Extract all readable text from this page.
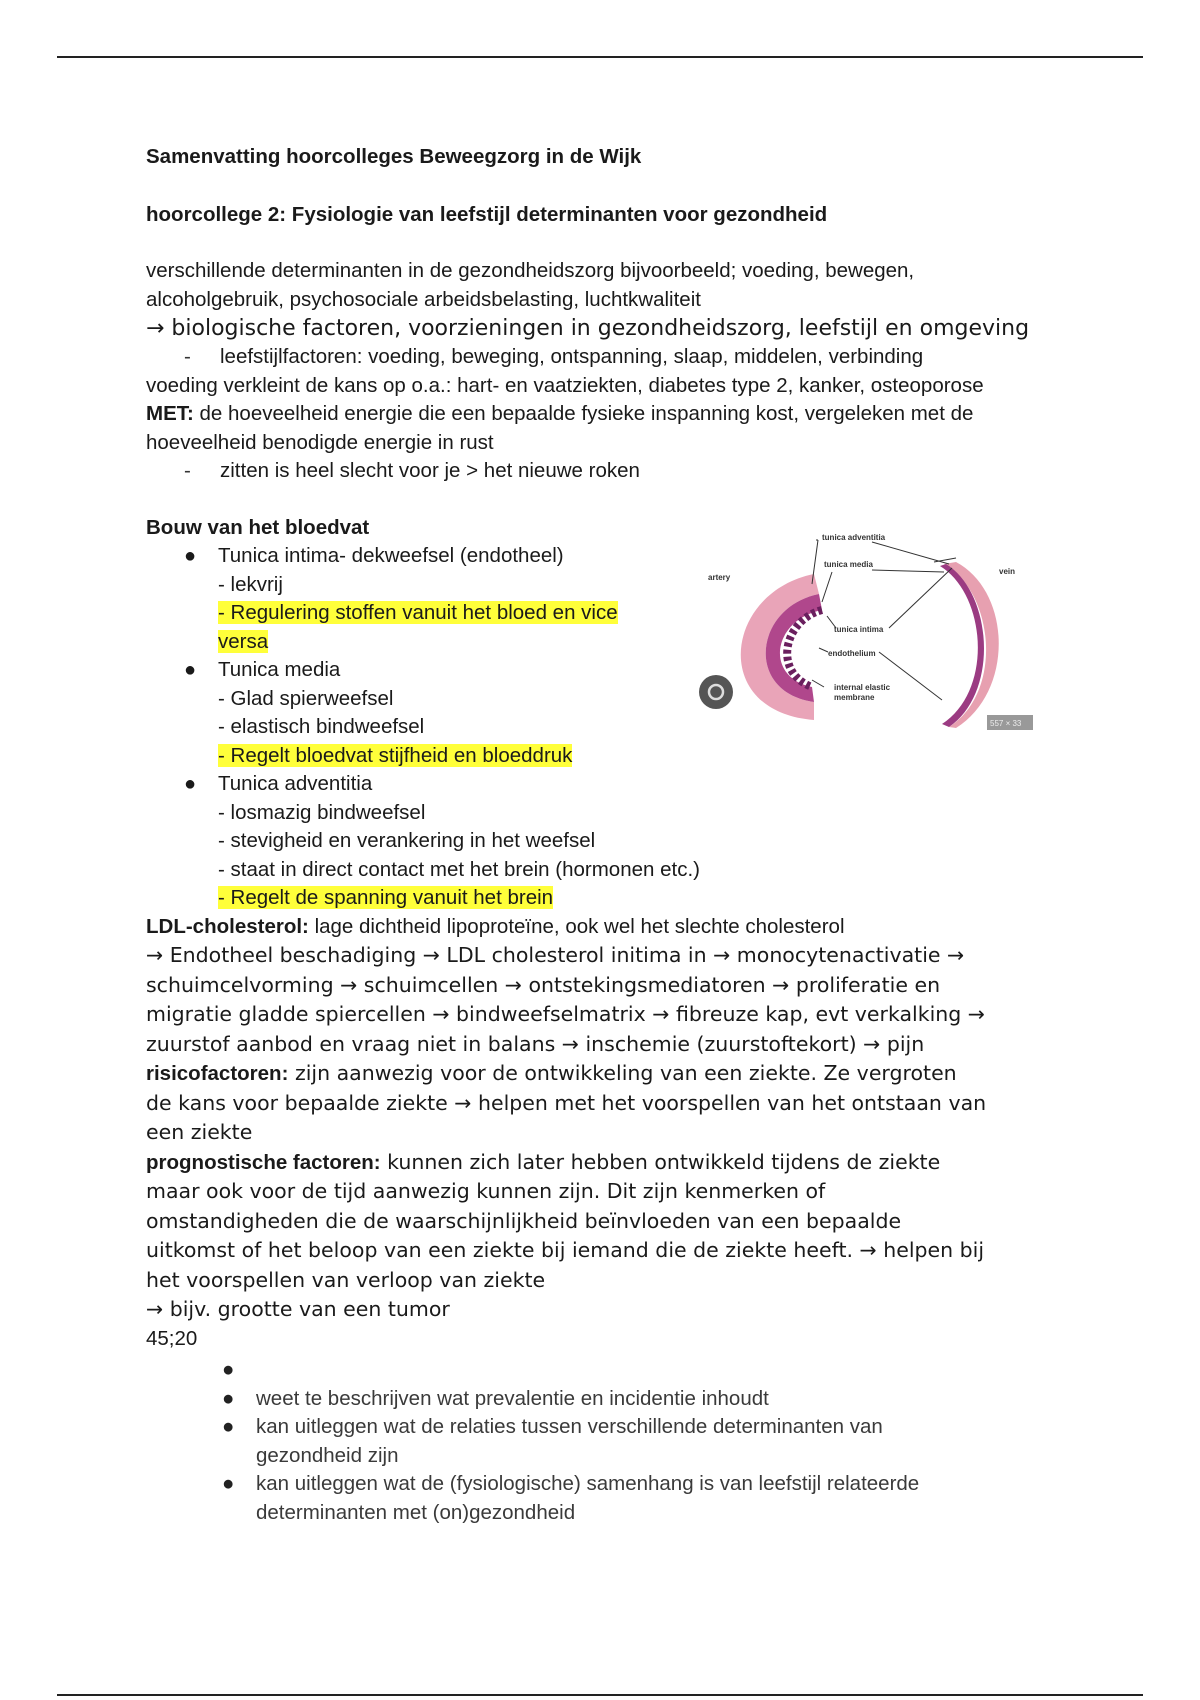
Samenvatting hoorcolleges Beweegzorg in de Wijk
hoorcollege 2: Fysiologie van leefstijl determinanten voor gezondheid

verschillende determinanten in de gezondheidszorg bijvoorbeeld; voeding, bewegen,

alcoholgebruik, psychosociale arbeidsbelasting, luchtkwaliteit

→ biologische factoren, voorzieningen in gezondheidszorg, leefstijl en omgeving

-	leefstijlfactoren: voeding, beweging, ontspanning, slaap, middelen, verbinding

voeding verkleint de kans op o.a.: hart- en vaatziekten, diabetes type 2, kanker, osteoporose

MET: de hoeveelheid energie die een bepaalde fysieke inspanning kost, vergeleken met de

hoeveelheid benodigde energie in rust

-	zitten is heel slecht voor je > het nieuwe roken

Bouw van het bloedvat

● Tunica intima- dekweefsel (endotheel)

- lekvrij

- Regulering stoffen vanuit het bloed en vice

versa

● Tunica media

- Glad spierweefsel

- elastisch bindweefsel

- Regelt bloedvat stijfheid en bloeddruk

● Tunica adventitia

- losmazig bindweefsel

- stevigheid en verankering in het weefsel

- staat in direct contact met het brein (hormonen etc.)

- Regelt de spanning vanuit het brein

LDL-cholesterol: lage dichtheid lipoproteïne, ook wel het slechte cholesterol

→ Endotheel beschadiging → LDL cholesterol initima in → monocytenactivatie →

schuimcelvorming → schuimcellen → ontstekingsmediatoren → proliferatie en

migratie gladde spiercellen → bindweefselmatrix → fibreuze kap, evt verkalking →

zuurstof aanbod en vraag niet in balans → inschemie (zuurstoftekort) → pijn

risicofactoren: zijn aanwezig voor de ontwikkeling van een ziekte. Ze vergroten

de kans voor bepaalde ziekte → helpen met het voorspellen van het ontstaan van

een ziekte

prognostische factoren: kunnen zich later hebben ontwikkeld tijdens de ziekte

maar ook voor de tijd aanwezig kunnen zijn. Dit zijn kenmerken of

omstandigheden die de waarschijnlijkheid beïnvloeden van een bepaalde

uitkomst of het beloop van een ziekte bij iemand die de ziekte heeft. → helpen bij

het voorspellen van verloop van ziekte

→ bijv. grootte van een tumor

45;20

●

● weet te beschrijven wat prevalentie en incidentie inhoudt

● kan uitleggen wat de relaties tussen verschillende determinanten van

gezondheid zijn

● kan uitleggen wat de (fysiologische) samenhang is van leefstijl relateerde

determinanten met (on)gezondheid

tunica adventitia
tunica media
artery
vein
tunica intima
endothelium
internal elastic
membrane
557 × 33
